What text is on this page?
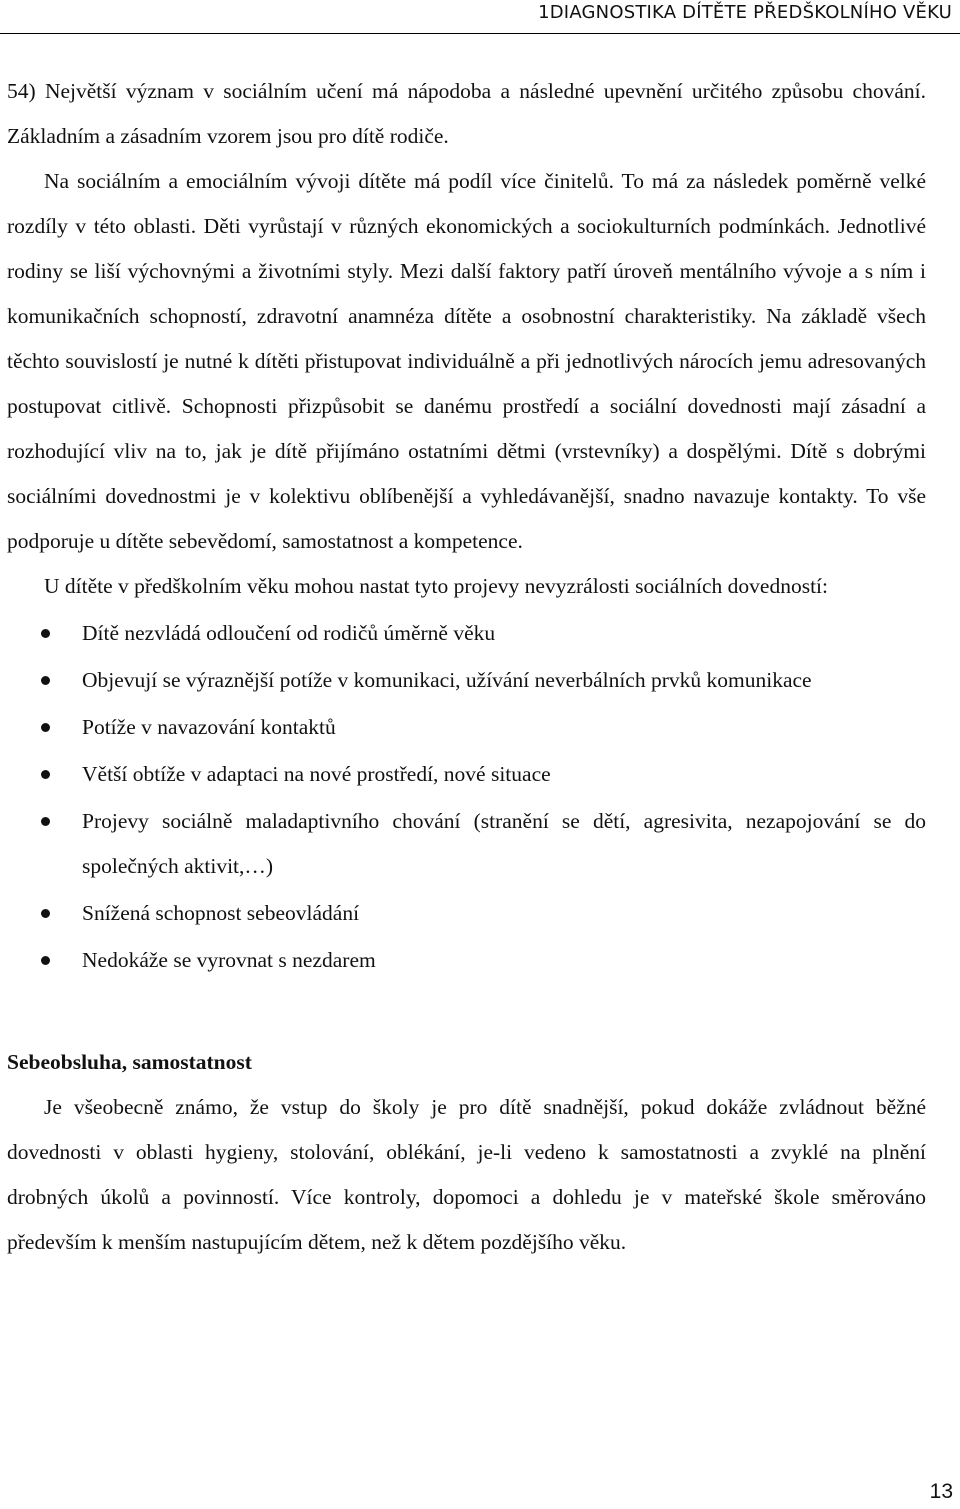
1DIAGNOSTIKA DÍTĚTE PŘEDŠKOLNÍHO VĚKU

54) Největší význam v sociálním učení má nápodoba a následné upevnění určitého způsobu chování. Základním a zásadním vzorem jsou pro dítě rodiče.

Na sociálním a emociálním vývoji dítěte má podíl více činitelů. To má za následek poměrně velké rozdíly v této oblasti. Děti vyrůstají v různých ekonomických a sociokulturních podmínkách. Jednotlivé rodiny se liší výchovnými a životními styly. Mezi další faktory patří úroveň mentálního vývoje a s ním i komunikačních schopností, zdravotní anamnéza dítěte a osobnostní charakteristiky. Na základě všech těchto souvislostí je nutné k dítěti přistupovat individuálně a při jednotlivých nárocích jemu adresovaných postupovat citlivě. Schopnosti přizpůsobit se danému prostředí a sociální dovednosti mají zásadní a rozhodující vliv na to, jak je dítě přijímáno ostatními dětmi (vrstevníky) a dospělými. Dítě s dobrými sociálními dovednostmi je v kolektivu oblíbenější a vyhledávanější, snadno navazuje kontakty. To vše podporuje u dítěte sebevědomí, samostatnost a kompetence.

U dítěte v předškolním věku mohou nastat tyto projevy nevyzrálosti sociálních dovedností:

Dítě nezvládá odloučení od rodičů úměrně věku
Objevují se výraznější potíže v komunikaci, užívání neverbálních prvků komunikace
Potíže v navazování kontaktů
Větší obtíže v adaptaci na nové prostředí, nové situace
Projevy sociálně maladaptivního chování (stranění se dětí, agresivita, nezapojování se do společných aktivit,…)
Snížená schopnost sebeovládání
Nedokáže se vyrovnat s nezdarem

Sebeobsluha, samostatnost

Je všeobecně známo, že vstup do školy je pro dítě snadnější, pokud dokáže zvládnout běžné dovednosti v oblasti hygieny, stolování, oblékání, je-li vedeno k samostatnosti a zvyklé na plnění drobných úkolů a povinností. Více kontroly, dopomoci a dohledu je v mateřské škole směrováno především k menším nastupujícím dětem, než k dětem pozdějšího věku.

13
